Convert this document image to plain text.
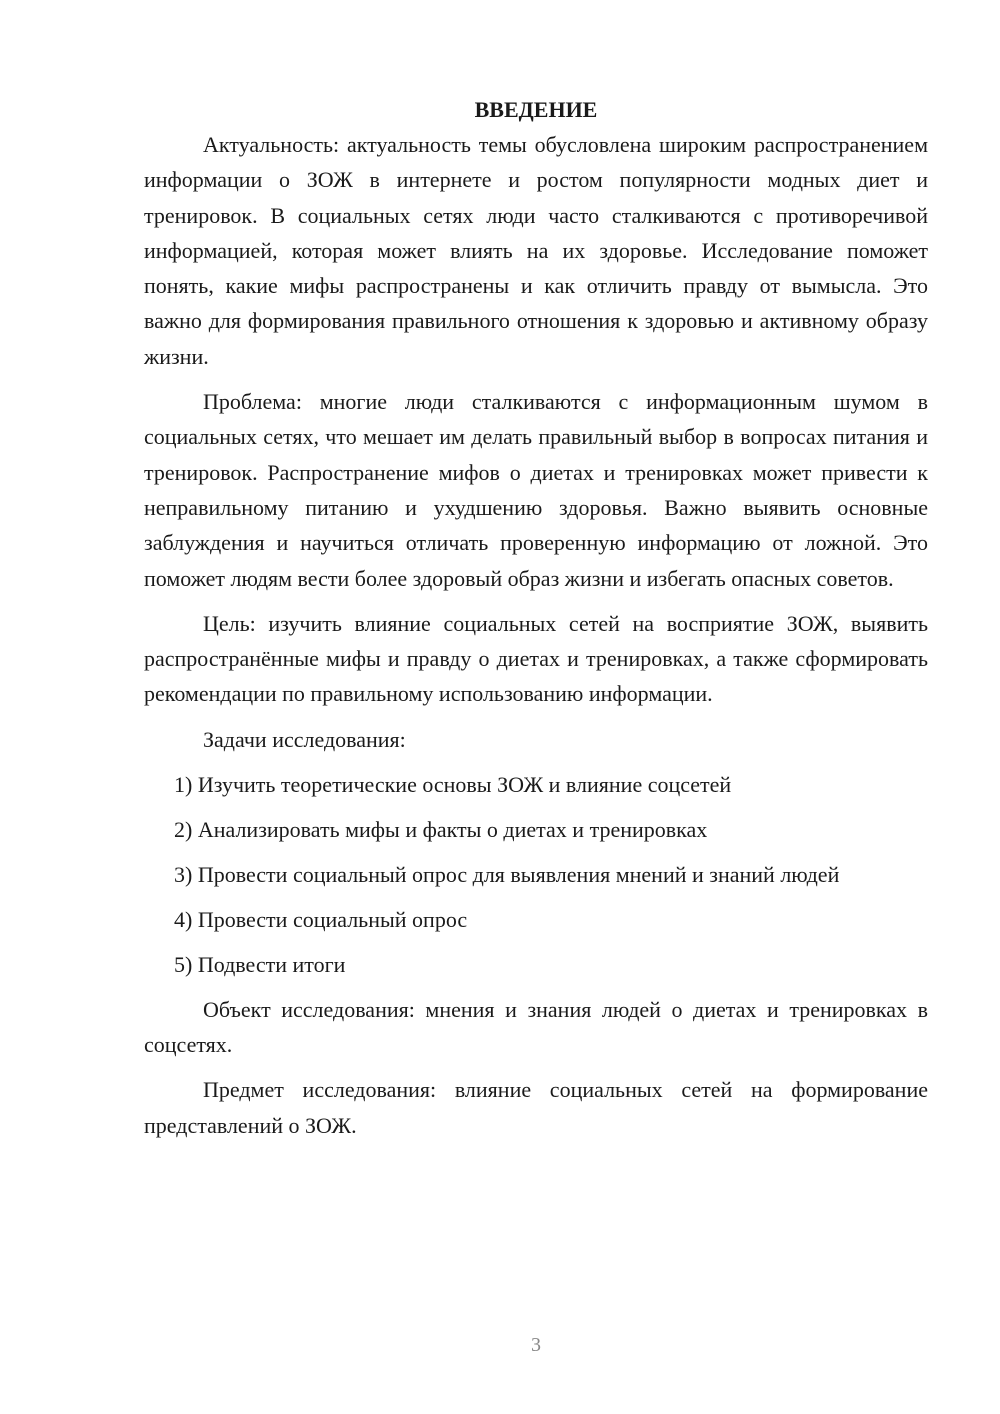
ВВЕДЕНИЕ

Актуальность: актуальность темы обусловлена широким распространением информации о ЗОЖ в интернете и ростом популярности модных диет и тренировок. В социальных сетях люди часто сталкиваются с противоречивой информацией, которая может влиять на их здоровье. Исследование поможет понять, какие мифы распространены и как отличить правду от вымысла. Это важно для формирования правильного отношения к здоровью и активному образу жизни.

Проблема: многие люди сталкиваются с информационным шумом в социальных сетях, что мешает им делать правильный выбор в вопросах питания и тренировок. Распространение мифов о диетах и тренировках может привести к неправильному питанию и ухудшению здоровья. Важно выявить основные заблуждения и научиться отличать проверенную информацию от ложной. Это поможет людям вести более здоровый образ жизни и избегать опасных советов.

Цель: изучить влияние социальных сетей на восприятие ЗОЖ, выявить распространённые мифы и правду о диетах и тренировках, а также сформировать рекомендации по правильному использованию информации.

Задачи исследования:
1) Изучить теоретические основы ЗОЖ и влияние соцсетей
2) Анализировать мифы и факты о диетах и тренировках
3) Провести социальный опрос для выявления мнений и знаний людей
4) Провести социальный опрос
5) Подвести итоги

Объект исследования: мнения и знания людей о диетах и тренировках в соцсетях.

Предмет исследования: влияние социальных сетей на формирование представлений о ЗОЖ.

3
